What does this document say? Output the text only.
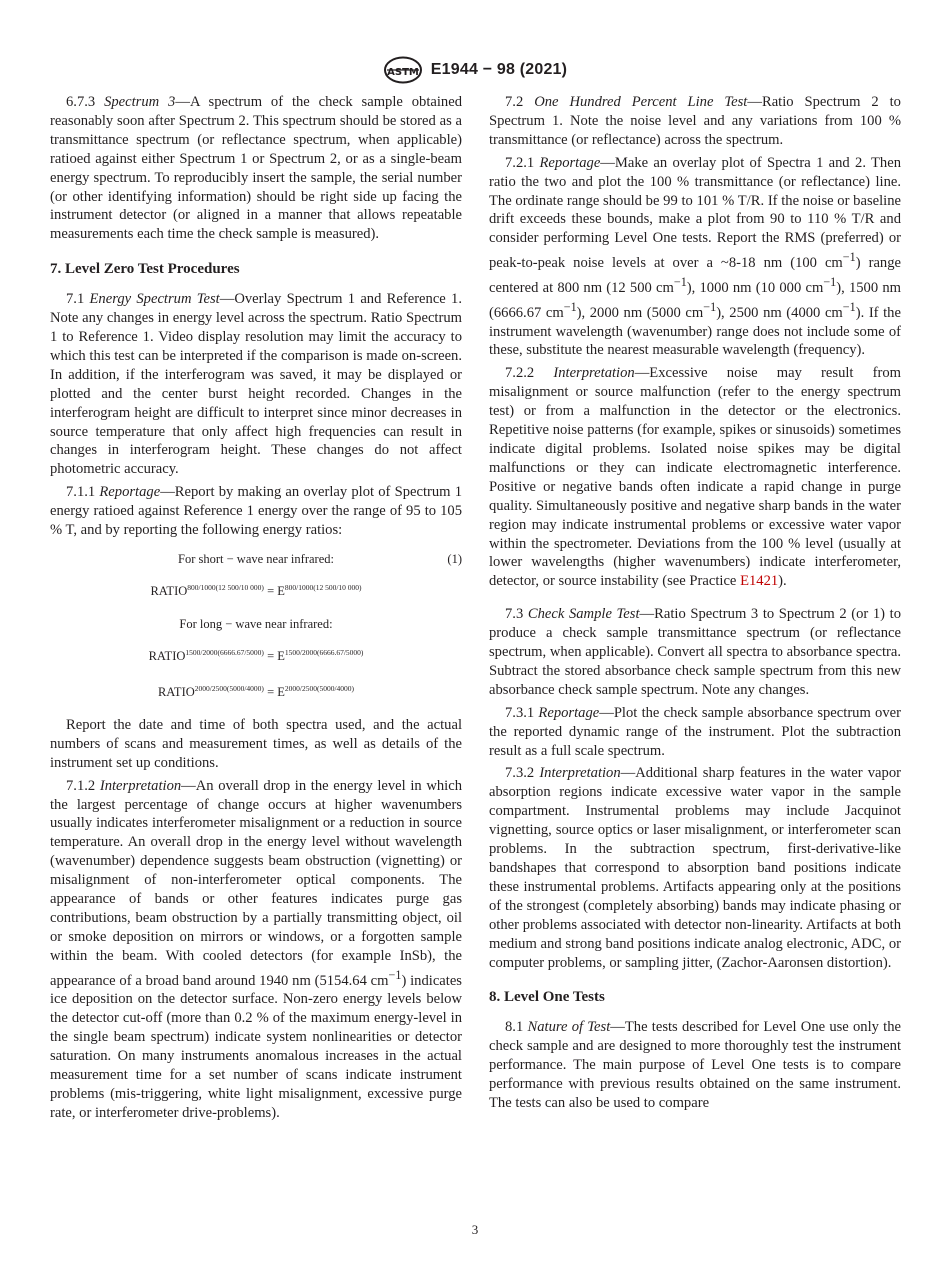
ASTM E1944 − 98 (2021)

6.7.3 Spectrum 3—A spectrum of the check sample obtained reasonably soon after Spectrum 2. This spectrum should be stored as a transmittance spectrum (or reflectance spectrum, when applicable) ratioed against either Spectrum 1 or Spectrum 2, or as a single-beam energy spectrum. To reproducibly insert the sample, the serial number (or other identifying information) should be right side up facing the instrument detector (or aligned in a manner that allows repeatable measurements each time the check sample is measured).

7. Level Zero Test Procedures

7.1 Energy Spectrum Test—Overlay Spectrum 1 and Reference 1. Note any changes in energy level across the spectrum. Ratio Spectrum 1 to Reference 1. Video display resolution may limit the accuracy to which this test can be interpreted if the comparison is made on-screen. In addition, if the interferogram was saved, it may be displayed or plotted and the center burst height recorded. Changes in the interferogram height are difficult to interpret since minor decreases in source temperature that only affect high frequencies can result in changes in interferogram height. These changes do not affect photometric accuracy.

7.1.1 Reportage—Report by making an overlay plot of Spectrum 1 energy ratioed against Reference 1 energy over the range of 95 to 105 % T, and by reporting the following energy ratios:

For short − wave near infrared:	(1)
$RATIO^{800/1000(12 500/10 000)} = E^{800/1000(12 500/10 000)}$
For long − wave near infrared:
$RATIO^{1500/2000(6666.67/5000)} = E^{1500/2000(6666.67/5000)}$
$RATIO^{2000/2500(5000/4000)} = E^{2000/2500(5000/4000)}$

Report the date and time of both spectra used, and the actual numbers of scans and measurement times, as well as details of the instrument set up conditions.

7.1.2 Interpretation—An overall drop in the energy level in which the largest percentage of change occurs at higher wavenumbers usually indicates interferometer misalignment or a reduction in source temperature. An overall drop in the energy level without wavelength (wavenumber) dependence suggests beam obstruction (vignetting) or misalignment of non-interferometer optical components. The appearance of bands or other features indicates purge gas contributions, beam obstruction by a partially transmitting object, oil or smoke deposition on mirrors or windows, or a forgotten sample within the beam. With cooled detectors (for example InSb), the appearance of a broad band around 1940 nm (5154.64 $cm^{-1}$) indicates ice deposition on the detector surface. Non-zero energy levels below the detector cut-off (more than 0.2 % of the maximum energy-level in the single beam spectrum) indicate system nonlinearities or detector saturation. On many instruments anomalous increases in the actual measurement time for a set number of scans indicate instrument problems (mis-triggering, white light misalignment, excessive purge rate, or interferometer drive-problems).

7.2 One Hundred Percent Line Test—Ratio Spectrum 2 to Spectrum 1. Note the noise level and any variations from 100 % transmittance (or reflectance) across the spectrum.

7.2.1 Reportage—Make an overlay plot of Spectra 1 and 2. Then ratio the two and plot the 100 % transmittance (or reflectance) line. The ordinate range should be 99 to 101 % T/R. If the noise or baseline drift exceeds these bounds, make a plot from 90 to 110 % T/R and consider performing Level One tests. Report the RMS (preferred) or peak-to-peak noise levels at over a ~8-18 nm (100 $cm^{-1}$) range centered at 800 nm (12 500 $cm^{-1}$), 1000 nm (10 000 $cm^{-1}$), 1500 nm (6666.67 $cm^{-1}$), 2000 nm (5000 $cm^{-1}$), 2500 nm (4000 $cm^{-1}$). If the instrument wavelength (wavenumber) range does not include some of these, substitute the nearest measurable wavelength (frequency).

7.2.2 Interpretation—Excessive noise may result from misalignment or source malfunction (refer to the energy spectrum test) or from a malfunction in the detector or the electronics. Repetitive noise patterns (for example, spikes or sinusoids) sometimes indicate digital problems. Isolated noise spikes may be digital malfunctions or they can indicate electromagnetic interference. Positive or negative bands often indicate a rapid change in purge quality. Simultaneously positive and negative sharp bands in the water region may indicate instrumental problems or excessive water vapor within the spectrometer. Deviations from the 100 % level (usually at lower wavelengths (higher wavenumbers) indicate interferometer, detector, or source instability (see Practice E1421).

7.3 Check Sample Test—Ratio Spectrum 3 to Spectrum 2 (or 1) to produce a check sample transmittance spectrum (or reflectance spectrum, when applicable). Convert all spectra to absorbance spectra. Subtract the stored absorbance check sample spectrum from this new absorbance check sample spectrum. Note any changes.

7.3.1 Reportage—Plot the check sample absorbance spectrum over the reported dynamic range of the instrument. Plot the subtraction result as a full scale spectrum.

7.3.2 Interpretation—Additional sharp features in the water vapor absorption regions indicate excessive water vapor in the sample compartment. Instrumental problems may include Jacquinot vignetting, source optics or laser misalignment, or interferometer scan problems. In the subtraction spectrum, first-derivative-like bandshapes that correspond to absorption band positions indicate these instrumental problems. Artifacts appearing only at the positions of the strongest (completely absorbing) bands may indicate phasing or other problems associated with detector non-linearity. Artifacts at both medium and strong band positions indicate analog electronic, ADC, or computer problems, or sampling jitter, (Zachor-Aaronsen distortion).

8. Level One Tests

8.1 Nature of Test—The tests described for Level One use only the check sample and are designed to more thoroughly test the instrument performance. The main purpose of Level One tests is to compare performance with previous results obtained on the same instrument. The tests can also be used to compare

3
